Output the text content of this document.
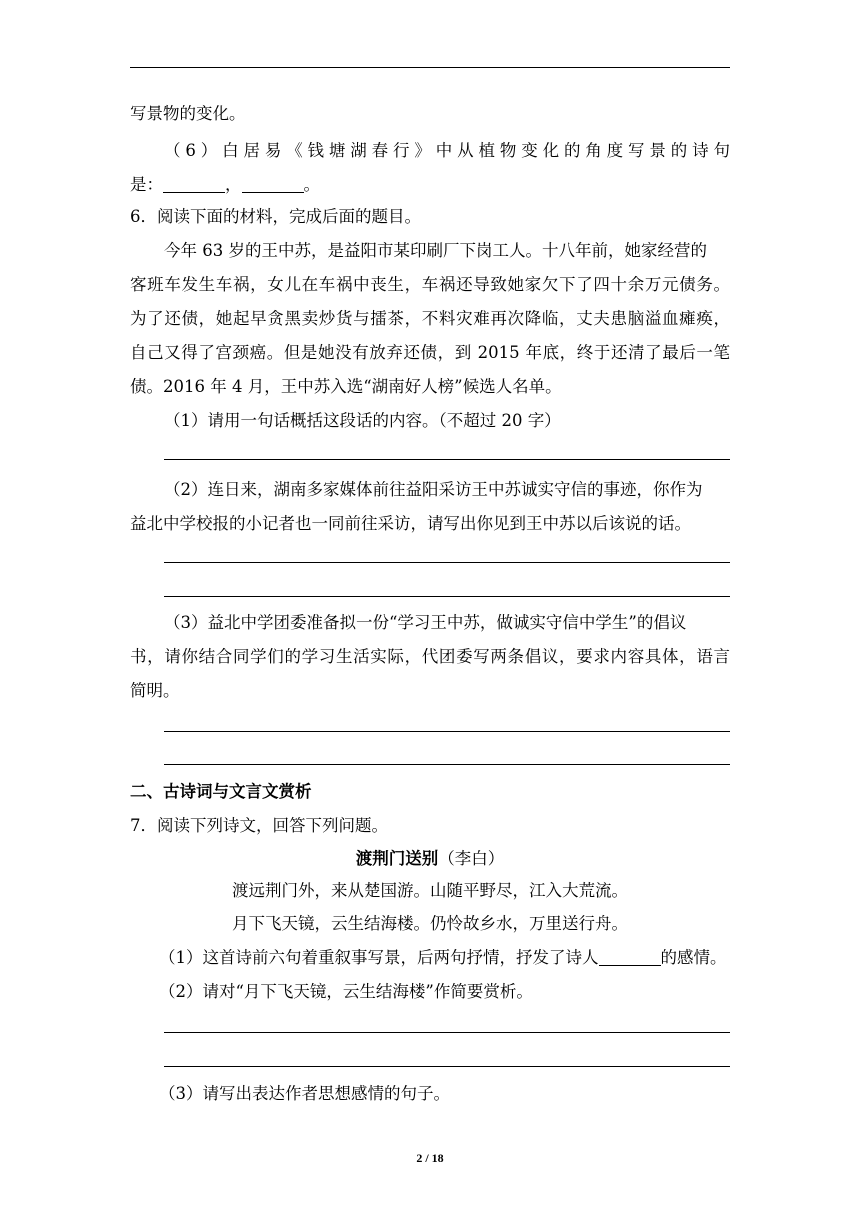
写景物的变化。
（6）白居易《钱塘湖春行》中从植物变化的角度写景的诗句
是：	，	。
6．阅读下面的材料，完成后面的题目。
今年 63 岁的王中苏，是益阳市某印刷厂下岗工人。十八年前，她家经营的
客班车发生车祸，女儿在车祸中丧生，车祸还导致她家欠下了四十余万元债务。
为了还债，她起早贪黑卖炒货与擂茶，不料灾难再次降临，丈夫患脑溢血瘫痪，
自己又得了宫颈癌。但是她没有放弃还债，到 2015 年底，终于还清了最后一笔
债。2016 年 4 月，王中苏入选“湖南好人榜”候选人名单。
（1）请用一句话概括这段话的内容。（不超过 20 字）
（2）连日来，湖南多家媒体前往益阳采访王中苏诚实守信的事迹，你作为
益北中学校报的小记者也一同前往采访，请写出你见到王中苏以后该说的话。
（3）益北中学团委准备拟一份“学习王中苏，做诚实守信中学生”的倡议
书，请你结合同学们的学习生活实际，代团委写两条倡议，要求内容具体，语言
简明。
二、古诗词与文言文赏析
7．阅读下列诗文，回答下列问题。
渡荆门送别（李白）
渡远荆门外，来从楚国游。山随平野尽，江入大荒流。
月下飞天镜，云生结海楼。仍怜故乡水，万里送行舟。
（1）这首诗前六句着重叙事写景，后两句抒情，抒发了诗人	的感情。
（2）请对“月下飞天镜，云生结海楼”作简要赏析。
（3）请写出表达作者思想感情的句子。
2 / 18
